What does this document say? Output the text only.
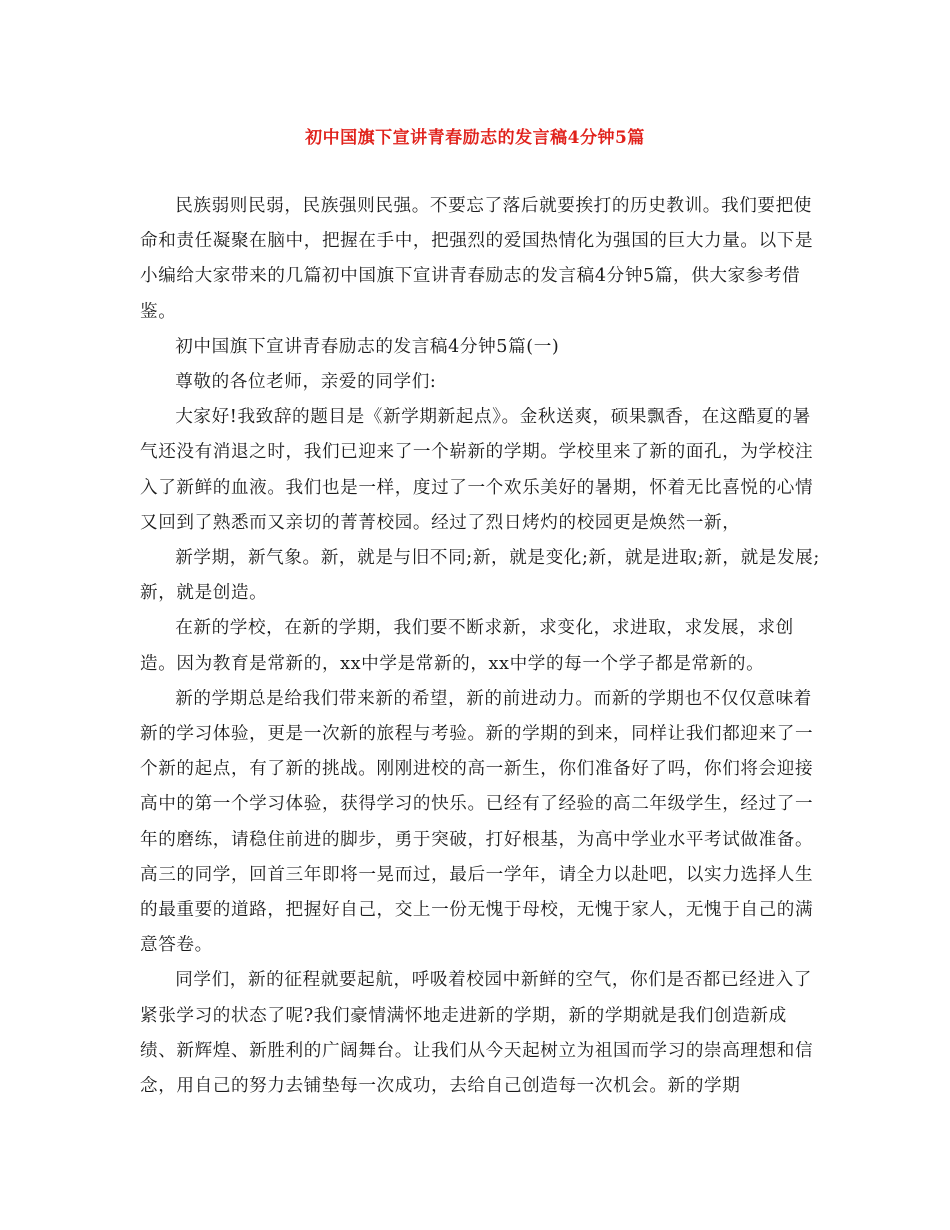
初中国旗下宣讲青春励志的发言稿4分钟5篇

民族弱则民弱，民族强则民强。不要忘了落后就要挨打的历史教训。我们要把使命和责任凝聚在脑中，把握在手中，把强烈的爱国热情化为强国的巨大力量。以下是小编给大家带来的几篇初中国旗下宣讲青春励志的发言稿4分钟5篇，供大家参考借鉴。

初中国旗下宣讲青春励志的发言稿4分钟5篇(一)

尊敬的各位老师，亲爱的同学们:

大家好!我致辞的题目是《新学期新起点》。金秋送爽，硕果飘香，在这酷夏的暑气还没有消退之时，我们已迎来了一个崭新的学期。学校里来了新的面孔，为学校注入了新鲜的血液。我们也是一样，度过了一个欢乐美好的暑期，怀着无比喜悦的心情又回到了熟悉而又亲切的菁菁校园。经过了烈日烤灼的校园更是焕然一新，

新学期，新气象。新，就是与旧不同;新，就是变化;新，就是进取;新，就是发展;新，就是创造。

在新的学校，在新的学期，我们要不断求新，求变化，求进取，求发展，求创造。因为教育是常新的，xx中学是常新的，xx中学的每一个学子都是常新的。

新的学期总是给我们带来新的希望，新的前进动力。而新的学期也不仅仅意味着新的学习体验，更是一次新的旅程与考验。新的学期的到来，同样让我们都迎来了一个新的起点，有了新的挑战。刚刚进校的高一新生，你们准备好了吗，你们将会迎接高中的第一个学习体验，获得学习的快乐。已经有了经验的高二年级学生，经过了一年的磨练，请稳住前进的脚步，勇于突破，打好根基，为高中学业水平考试做准备。高三的同学，回首三年即将一晃而过，最后一学年，请全力以赴吧，以实力选择人生的最重要的道路，把握好自己，交上一份无愧于母校，无愧于家人，无愧于自己的满意答卷。

同学们，新的征程就要起航，呼吸着校园中新鲜的空气，你们是否都已经进入了紧张学习的状态了呢?我们豪情满怀地走进新的学期，新的学期就是我们创造新成绩、新辉煌、新胜利的广阔舞台。让我们从今天起树立为祖国而学习的崇高理想和信念，用自己的努力去铺垫每一次成功，去给自己创造每一次机会。新的学期
